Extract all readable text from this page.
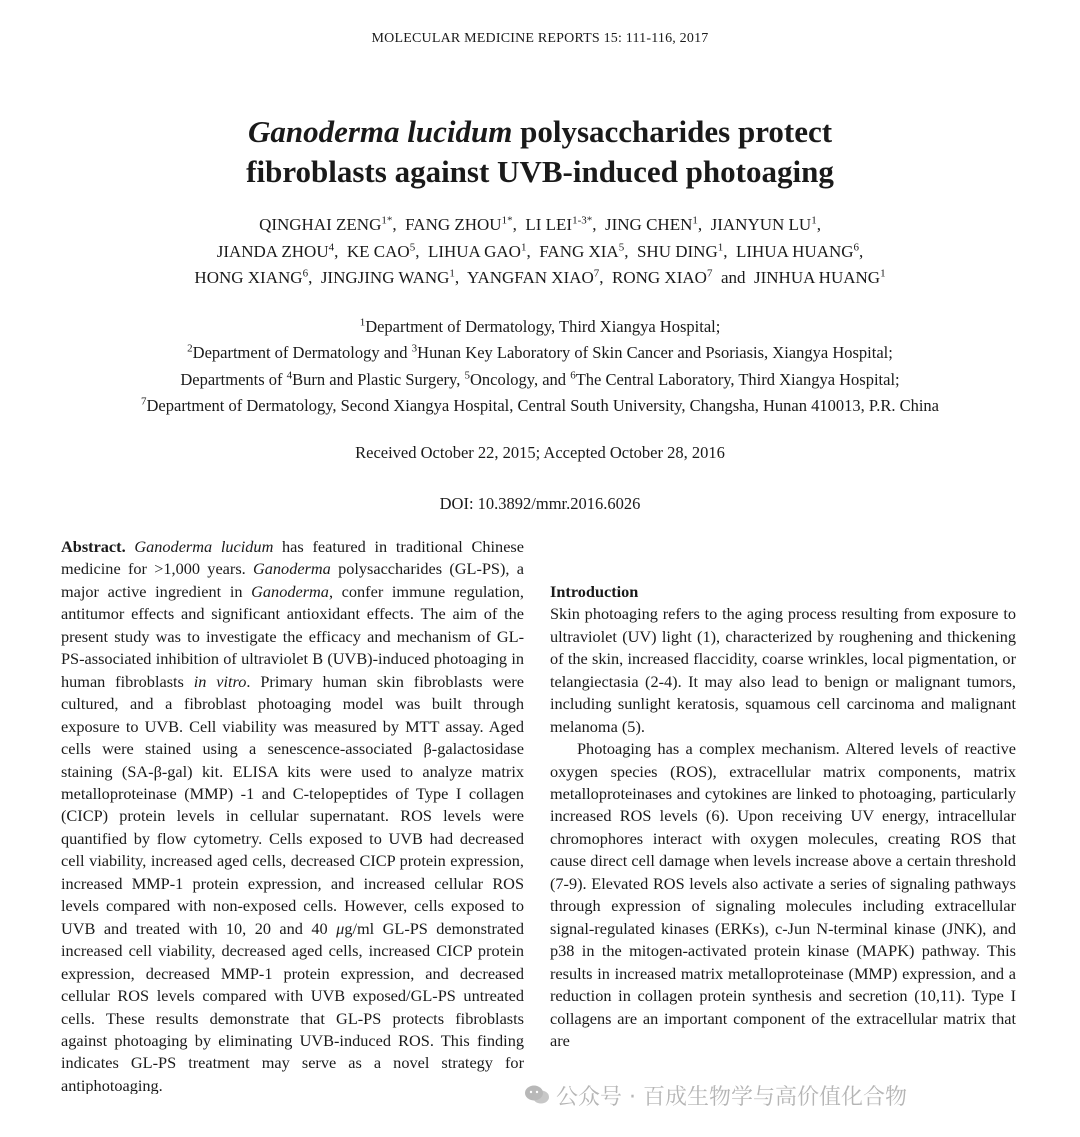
MOLECULAR MEDICINE REPORTS 15: 111-116, 2017
Ganoderma lucidum polysaccharides protect
fibroblasts against UVB-induced photoaging
QINGHAI $ZENG^{1*}$,  FANG $ZHOU^{1*}$,  LI $LEI^{1-3*}$,  JING CHEN$^1$,  JIANYUN $LU^1$,
JIANDA ZHOU$^4$,  KE CAO$^5$,  LIHUA GAO$^1$,  FANG XIA$^5$,  SHU DING$^1$,  LIHUA HUANG$^6$,
HONG XIANG$^6$,  JINGJING WANG$^1$,  YANGFAN XIAO$^7$,  RONG XIAO$^7$ and JINHUA HUANG$^1$
$^1$Department of Dermatology, Third Xiangya Hospital;
$^2$Department of Dermatology and $^3$Hunan Key Laboratory of Skin Cancer and Psoriasis, Xiangya Hospital;
Departments of $^4$Burn and Plastic Surgery, $^5$Oncology, and $^6$The Central Laboratory, Third Xiangya Hospital;
$^7$Department of Dermatology, Second Xiangya Hospital, Central South University, Changsha, Hunan 410013, P.R. China
Received October 22, 2015; Accepted October 28, 2016
DOI: 10.3892/mmr.2016.6026

Abstract. Ganoderma lucidum has featured in traditional Chinese medicine for >1,000 years. Ganoderma polysaccharides (GL-PS), a major active ingredient in Ganoderma, confer immune regulation, antitumor effects and significant antioxidant effects. The aim of the present study was to investigate the efficacy and mechanism of GL-PS-associated inhibition of ultraviolet B (UVB)-induced photoaging in human fibroblasts in vitro. Primary human skin fibroblasts were cultured, and a fibroblast photoaging model was built through exposure to UVB. Cell viability was measured by MTT assay. Aged cells were stained using a senescence-associated β-galactosidase staining (SA-β-gal) kit. ELISA kits were used to analyze matrix metalloproteinase (MMP) -1 and C-telopeptides of Type I collagen (CICP) protein levels in cellular supernatant. ROS levels were quantified by flow cytometry. Cells exposed to UVB had decreased cell viability, increased aged cells, decreased CICP protein expression, increased MMP-1 protein expression, and increased cellular ROS levels compared with non-exposed cells. However, cells exposed to UVB and treated with 10, 20 and 40 μg/ml GL-PS demonstrated increased cell viability, decreased aged cells, increased CICP protein expression, decreased MMP-1 protein expression, and decreased cellular ROS levels compared with UVB exposed/GL-PS untreated cells. These results demonstrate that GL-PS protects fibroblasts against photoaging by eliminating UVB-induced ROS. This finding indicates GL-PS treatment may serve as a novel strategy for antiphotoaging.

Introduction

Skin photoaging refers to the aging process resulting from exposure to ultraviolet (UV) light (1), characterized by roughening and thickening of the skin, increased flaccidity, coarse wrinkles, local pigmentation, or telangiectasia (2-4). It may also lead to benign or malignant tumors, including sunlight keratosis, squamous cell carcinoma and malignant melanoma (5).

Photoaging has a complex mechanism. Altered levels of reactive oxygen species (ROS), extracellular matrix components, matrix metalloproteinases and cytokines are linked to photoaging, particularly increased ROS levels (6). Upon receiving UV energy, intracellular chromophores interact with oxygen molecules, creating ROS that cause direct cell damage when levels increase above a certain threshold (7-9). Elevated ROS levels also activate a series of signaling pathways through expression of signaling molecules including extracellular signal-regulated kinases (ERKs), c-Jun N-terminal kinase (JNK), and p38 in the mitogen-activated protein kinase (MAPK) pathway. This results in increased matrix metalloproteinase (MMP) expression, and a reduction in collagen protein synthesis and secretion (10,11). Type I collagens are an important component of the extracellular matrix that are

公众号 · 百成生物学与高价值化合物
